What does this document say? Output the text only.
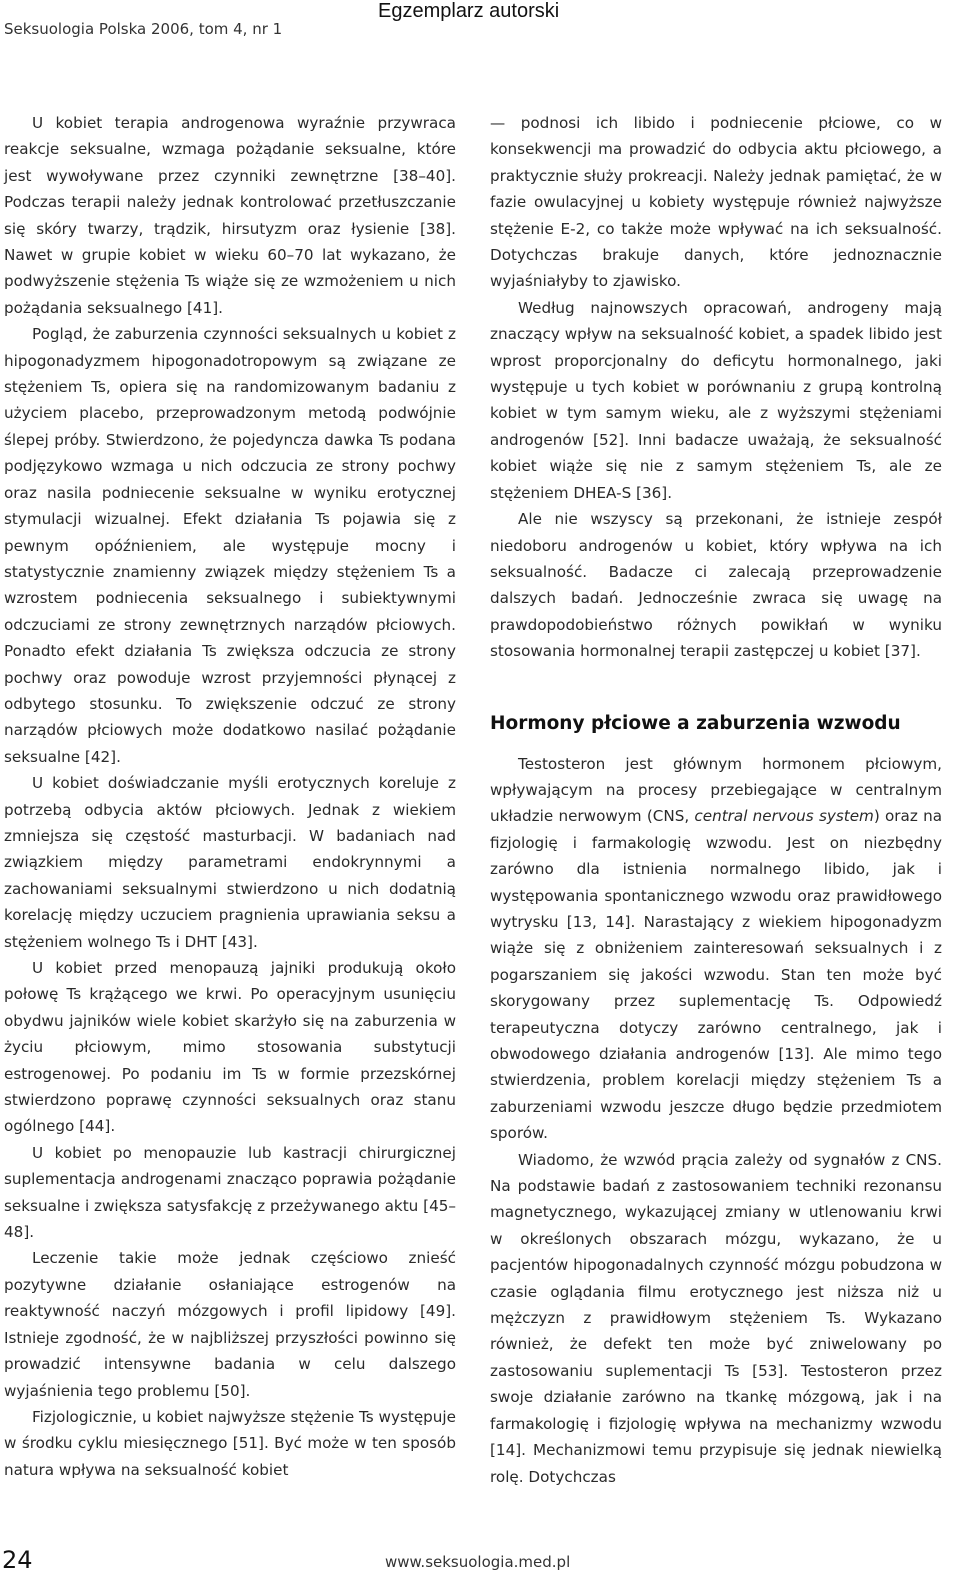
Seksuologia Polska 2006, tom 4, nr 1
Egzemplarz autorski

U kobiet terapia androgenowa wyraźnie przywraca reakcje seksualne, wzmaga pożądanie seksualne, które jest wywoływane przez czynniki zewnętrzne [38–40]. Podczas terapii należy jednak kontrolować przetłuszczanie się skóry twarzy, trądzik, hirsutyzm oraz łysienie [38]. Nawet w grupie kobiet w wieku 60–70 lat wykazano, że podwyższenie stężenia Ts wiąże się ze wzmożeniem u nich pożądania seksualnego [41].

Pogląd, że zaburzenia czynności seksualnych u kobiet z hipogonadyzmem hipogonadotropowym są związane ze stężeniem Ts, opiera się na randomizowanym badaniu z użyciem placebo, przeprowadzonym metodą podwójnie ślepej próby. Stwierdzono, że pojedyncza dawka Ts podana podjęzykowo wzmaga u nich odczucia ze strony pochwy oraz nasila podniecenie seksualne w wyniku erotycznej stymulacji wizualnej. Efekt działania Ts pojawia się z pewnym opóźnieniem, ale występuje mocny i statystycznie znamienny związek między stężeniem Ts a wzrostem podniecenia seksualnego i subiektywnymi odczuciami ze strony zewnętrznych narządów płciowych. Ponadto efekt działania Ts zwiększa odczucia ze strony pochwy oraz powoduje wzrost przyjemności płynącej z odbytego stosunku. To zwiększenie odczuć ze strony narządów płciowych może dodatkowo nasilać pożądanie seksualne [42].

U kobiet doświadczanie myśli erotycznych koreluje z potrzebą odbycia aktów płciowych. Jednak z wiekiem zmniejsza się częstość masturbacji. W badaniach nad związkiem między parametrami endokrynnymi a zachowaniami seksualnymi stwierdzono u nich dodatnią korelację między uczuciem pragnienia uprawiania seksu a stężeniem wolnego Ts i DHT [43].

U kobiet przed menopauzą jajniki produkują około połowę Ts krążącego we krwi. Po operacyjnym usunięciu obydwu jajników wiele kobiet skarżyło się na zaburzenia w życiu płciowym, mimo stosowania substytucji estrogenowej. Po podaniu im Ts w formie przezskórnej stwierdzono poprawę czynności seksualnych oraz stanu ogólnego [44].

U kobiet po menopauzie lub kastracji chirurgicznej suplementacja androgenami znacząco poprawia pożądanie seksualne i zwiększa satysfakcję z przeżywanego aktu [45–48].

Leczenie takie może jednak częściowo znieść pozytywne działanie osłaniające estrogenów na reaktywność naczyń mózgowych i profil lipidowy [49]. Istnieje zgodność, że w najbliższej przyszłości powinno się prowadzić intensywne badania w celu dalszego wyjaśnienia tego problemu [50].

Fizjologicznie, u kobiet najwyższe stężenie Ts występuje w środku cyklu miesięcznego [51]. Być może w ten sposób natura wpływa na seksualność kobiet

— podnosi ich libido i podniecenie płciowe, co w konsekwencji ma prowadzić do odbycia aktu płciowego, a praktycznie służy prokreacji. Należy jednak pamiętać, że w fazie owulacyjnej u kobiety występuje również najwyższe stężenie E-2, co także może wpływać na ich seksualność. Dotychczas brakuje danych, które jednoznacznie wyjaśniałyby to zjawisko.

Według najnowszych opracowań, androgeny mają znaczący wpływ na seksualność kobiet, a spadek libido jest wprost proporcjonalny do deficytu hormonalnego, jaki występuje u tych kobiet w porównaniu z grupą kontrolną kobiet w tym samym wieku, ale z wyższymi stężeniami androgenów [52]. Inni badacze uważają, że seksualność kobiet wiąże się nie z samym stężeniem Ts, ale ze stężeniem DHEA-S [36].

Ale nie wszyscy są przekonani, że istnieje zespół niedoboru androgenów u kobiet, który wpływa na ich seksualność. Badacze ci zalecają przeprowadzenie dalszych badań. Jednocześnie zwraca się uwagę na prawdopodobieństwo różnych powikłań w wyniku stosowania hormonalnej terapii zastępczej u kobiet [37].

Hormony płciowe a zaburzenia wzwodu

Testosteron jest głównym hormonem płciowym, wpływającym na procesy przebiegające w centralnym układzie nerwowym (CNS, central nervous system) oraz na fizjologię i farmakologię wzwodu. Jest on niezbędny zarówno dla istnienia normalnego libido, jak i występowania spontanicznego wzwodu oraz prawidłowego wytrysku [13, 14]. Narastający z wiekiem hipogonadyzm wiąże się z obniżeniem zainteresowań seksualnych i z pogarszaniem się jakości wzwodu. Stan ten może być skorygowany przez suplementację Ts. Odpowiedź terapeutyczna dotyczy zarówno centralnego, jak i obwodowego działania androgenów [13]. Ale mimo tego stwierdzenia, problem korelacji między stężeniem Ts a zaburzeniami wzwodu jeszcze długo będzie przedmiotem sporów.

Wiadomo, że wzwód prącia zależy od sygnałów z CNS. Na podstawie badań z zastosowaniem techniki rezonansu magnetycznego, wykazującej zmiany w utlenowaniu krwi w określonych obszarach mózgu, wykazano, że u pacjentów hipogonadalnych czynność mózgu pobudzona w czasie oglądania filmu erotycznego jest niższa niż u mężczyzn z prawidłowym stężeniem Ts. Wykazano również, że defekt ten może być zniwelowany po zastosowaniu suplementacji Ts [53]. Testosteron przez swoje działanie zarówno na tkankę mózgową, jak i na farmakologię i fizjologię wpływa na mechanizmy wzwodu [14]. Mechanizmowi temu przypisuje się jednak niewielką rolę. Dotychczas

24	www.seksuologia.med.pl
